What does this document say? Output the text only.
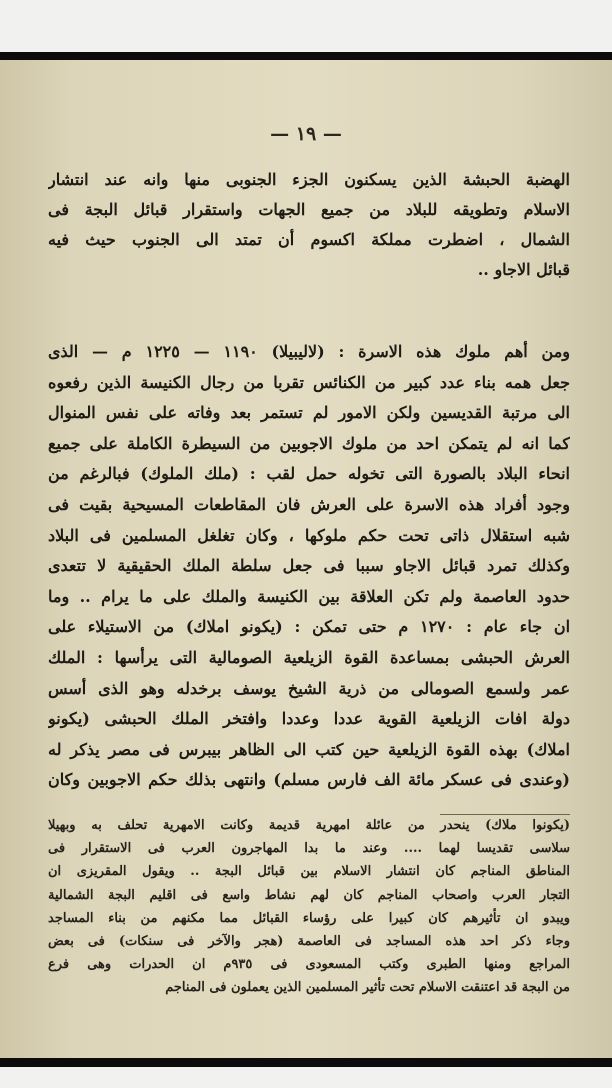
— ١٩ —
الهضبة الحبشة الذين يسكنون الجزء الجنوبى منها وانه عند انتشار
الاسلام وتطويقه للبلاد من جميع الجهات واستقرار قبائل البجة فى
الشمال ، اضطرت مملكة اكسوم أن تمتد الى الجنوب حيث فيه
قبائل الاجاو ..
ومن أهم ملوك هذه الاسرة : (لاليبيلا) ١١٩٠ — ١٢٢٥ م — الذى
جعل همه بناء عدد كبير من الكنائس تقربا من رجال الكنيسة الذين رفعوه
الى مرتبة القديسين ولكن الامور لم تستمر بعد وفاته على نفس المنوال
كما انه لم يتمكن احد من ملوك الاجوبين من السيطرة الكاملة على جميع
انحاء البلاد بالصورة التى تخوله حمل لقب : (ملك الملوك) فبالرغم من
وجود أفراد هذه الاسرة على العرش فان المقاطعات المسيحية بقيت فى
شبه استقلال ذاتى تحت حكم ملوكها ، وكان تغلغل المسلمين فى البلاد
وكذلك تمرد قبائل الاجاو سببا فى جعل سلطة الملك الحقيقية لا تتعدى
حدود العاصمة ولم تكن العلاقة بين الكنيسة والملك على ما يرام .. وما
ان جاء عام : ١٢٧٠ م حتى تمكن : (يكونو املاك) من الاستيلاء على
العرش الحبشى بمساعدة القوة الزيلعية الصومالية التى يرأسها : الملك
عمر ولسمع الصومالى من ذرية الشيخ يوسف برخدله وهو الذى أسس
دولة افات الزيلعية القوية عددا وعددا وافتخر الملك الحبشى (يكونو
املاك) بهذه القوة الزيلعية حين كتب الى الظاهر بيبرس فى مصر يذكر له
(وعندى فى عسكر مائة الف فارس مسلم) وانتهى بذلك حكم الاجوبين وكان
(يكونوا ملاك) ينحدر من عائلة امهرية قديمة وكانت الامهرية تحلف به وبهيلا
سلاسى تقديسا لهما .... وعند ما بدا المهاجرون العرب فى الاستقرار فى
المناطق المناجم كان انتشار الاسلام بين قبائل البجة .. ويقول المقريزى ان
التجار العرب واصحاب المناجم كان لهم نشاط واسع فى اقليم البجة الشمالية
ويبدو ان تأثيرهم كان كبيرا على رؤساء القبائل مما مكنهم من بناء المساجد
وجاء ذكر احد هذه المساجد فى العاصمة (هجر والآخر فى سنكات) فى بعض
المراجع ومنها الطبرى وكتب المسعودى فى ٩٣٥م ان الحدرات وهى فرع
من البجة قد اعتنقت الاسلام تحت تأثير المسلمين الذين يعملون فى المناجم
